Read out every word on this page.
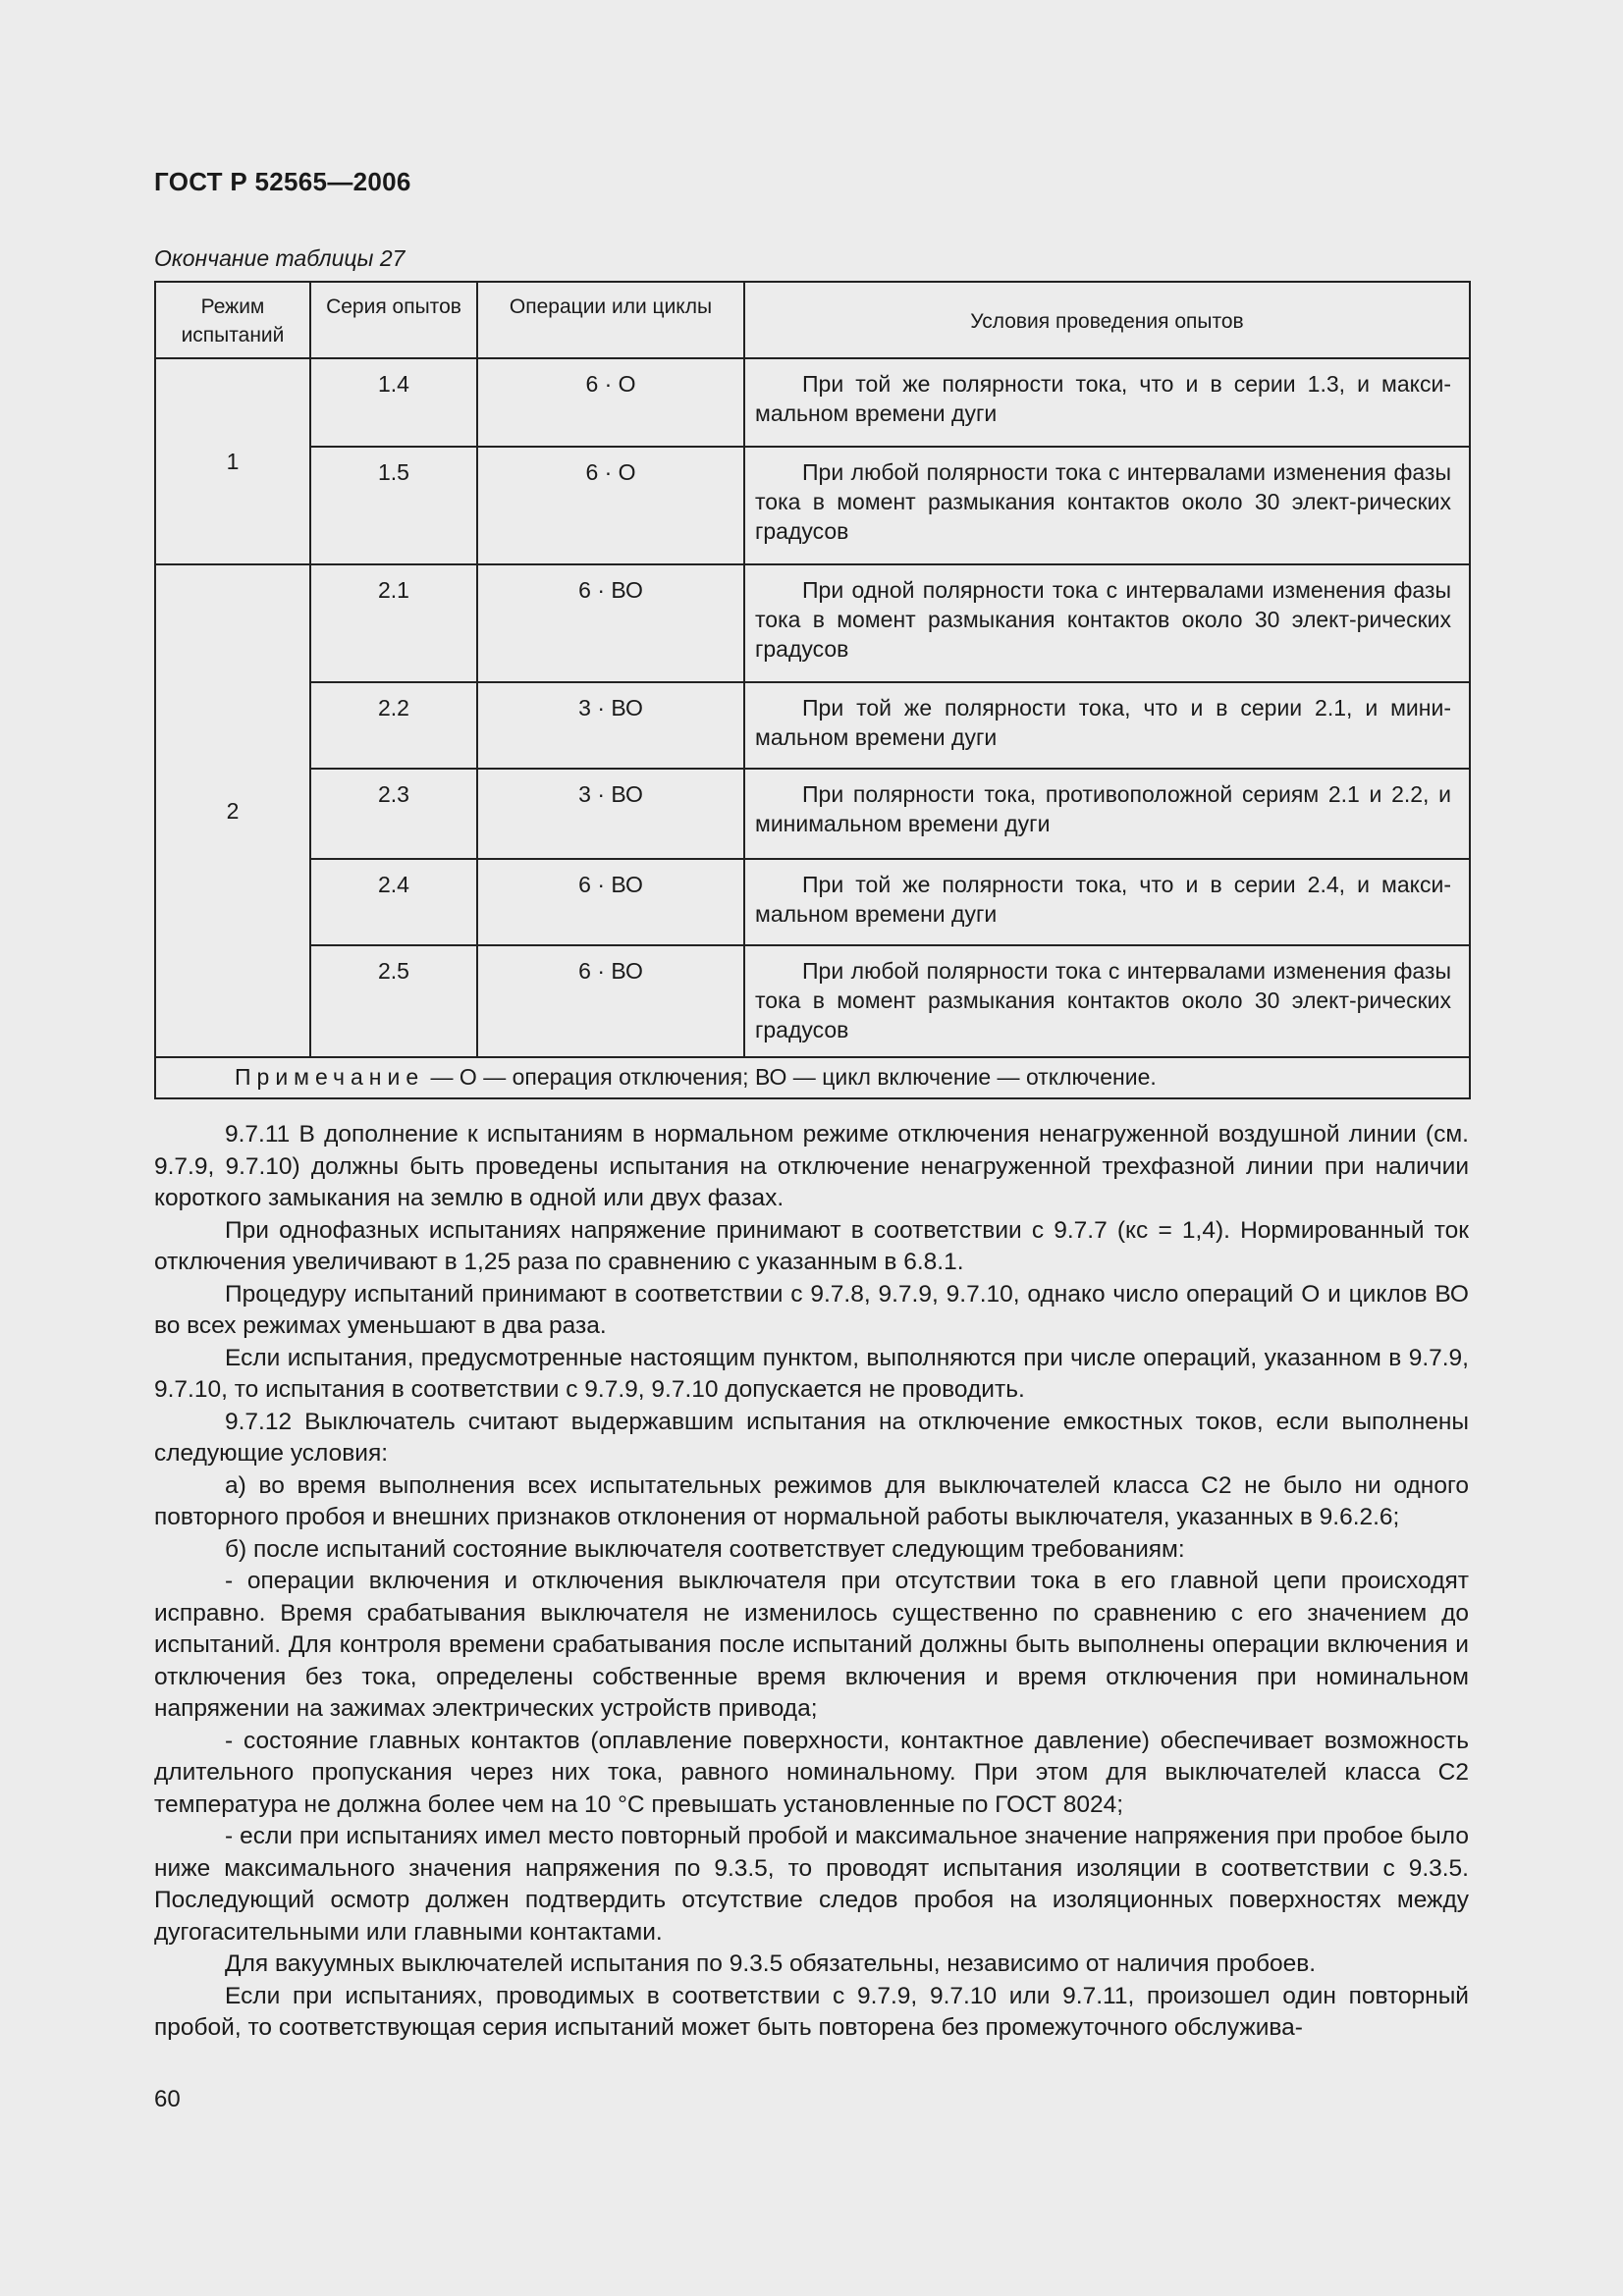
ГОСТ Р 52565—2006
Окончание таблицы 27
Режим испытаний	Серия опытов	Операции или циклы	Условия проведения опытов
1	1.4	6 · О	При той же полярности тока, что и в серии 1.3, и макси-мальном времени дуги
	1.5	6 · О	При любой полярности тока с интервалами изменения фазы тока в момент размыкания контактов около 30 элект-рических градусов
2	2.1	6 · ВО	При одной полярности тока с интервалами изменения фазы тока в момент размыкания контактов около 30 элект-рических градусов
	2.2	3 · ВО	При той же полярности тока, что и в серии 2.1, и мини-мальном времени дуги
	2.3	3 · ВО	При полярности тока, противоположной сериям 2.1 и 2.2, и минимальном времени дуги
	2.4	6 · ВО	При той же полярности тока, что и в серии 2.4, и макси-мальном времени дуги
	2.5	6 · ВО	При любой полярности тока с интервалами изменения фазы тока в момент размыкания контактов около 30 элект-рических градусов
Примечание — О — операция отключения; ВО — цикл включение — отключение.			

9.7.11 В дополнение к испытаниям в нормальном режиме отключения ненагруженной воздушной линии (см. 9.7.9, 9.7.10) должны быть проведены испытания на отключение ненагруженной трехфазной линии при наличии короткого замыкания на землю в одной или двух фазах.

При однофазных испытаниях напряжение принимают в соответствии с 9.7.7 (кс = 1,4). Нормированный ток отключения увеличивают в 1,25 раза по сравнению с указанным в 6.8.1.

Процедуру испытаний принимают в соответствии с 9.7.8, 9.7.9, 9.7.10, однако число операций О и циклов ВО во всех режимах уменьшают в два раза.

Если испытания, предусмотренные настоящим пунктом, выполняются при числе операций, указанном в 9.7.9, 9.7.10, то испытания в соответствии с 9.7.9, 9.7.10 допускается не проводить.

9.7.12 Выключатель считают выдержавшим испытания на отключение емкостных токов, если выполнены следующие условия:

а) во время выполнения всех испытательных режимов для выключателей класса С2 не было ни одного повторного пробоя и внешних признаков отклонения от нормальной работы выключателя, указанных в 9.6.2.6;

б) после испытаний состояние выключателя соответствует следующим требованиям:

- операции включения и отключения выключателя при отсутствии тока в его главной цепи происходят исправно. Время срабатывания выключателя не изменилось существенно по сравнению с его значением до испытаний. Для контроля времени срабатывания после испытаний должны быть выполнены операции включения и отключения без тока, определены собственные время включения и время отключения при номинальном напряжении на зажимах электрических устройств привода;

- состояние главных контактов (оплавление поверхности, контактное давление) обеспечивает возможность длительного пропускания через них тока, равного номинальному. При этом для выключателей класса С2 температура не должна более чем на 10 °С превышать установленные по ГОСТ 8024;

- если при испытаниях имел место повторный пробой и максимальное значение напряжения при пробое было ниже максимального значения напряжения по 9.3.5, то проводят испытания изоляции в соответствии с 9.3.5. Последующий осмотр должен подтвердить отсутствие следов пробоя на изоляционных поверхностях между дугогасительными или главными контактами.

Для вакуумных выключателей испытания по 9.3.5 обязательны, независимо от наличия пробоев.

Если при испытаниях, проводимых в соответствии с 9.7.9, 9.7.10 или 9.7.11, произошел один повторный пробой, то соответствующая серия испытаний может быть повторена без промежуточного обслужива-

60
